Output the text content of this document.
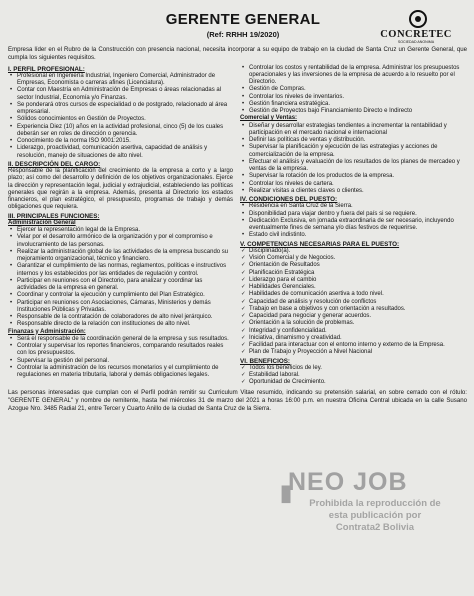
GERENTE GENERAL
(Ref: RRHH 19/2020)	CONCRETEC
SOCIEDAD ANONIMA
Empresa líder en el Rubro de la Construcción con presencia nacional, necesita incorporar a su equipo de trabajo en la ciudad de Santa Cruz un Gerente General, que cumpla los siguientes requisitos.
I. PERFIL PROFESIONAL:
• Profesional en Ingeniería Industrial, Ingeniero Comercial, Administrador de Empresas, Economista o carreras afines (Licenciatura).
• Contar con Maestría en Administración de Empresas o áreas relacionadas al sector Industrial, Economía y/o Finanzas.
• Se ponderará otros cursos de especialidad o de postgrado, relacionado al área empresarial.
• Sólidos conocimientos en Gestión de Proyectos.
• Experiencia Diez (10) años en la actividad profesional, cinco (5) de los cuales deberán ser en roles de dirección o gerencia.
• Conocimiento de la norma ISO 9001:2015.
• Liderazgo, proactividad, comunicación asertiva, capacidad de análisis y resolución, manejo de situaciones de alto nivel.
II. DESCRIPCIÓN DEL CARGO:
Responsable de la planificación del crecimiento de la empresa a corto y a largo plazo; así como del desarrollo y definición de los objetivos organizacionales. Ejerce la dirección y representación legal, judicial y extrajudicial, estableciendo las políticas generales que regirán a la empresa. Además, presenta al Directorio los estados financieros, el plan estratégico, el presupuesto, programas de trabajo y demás obligaciones que requiera.
III. PRINCIPALES FUNCIONES:
Administración General
• Ejercer la representación legal de la Empresa.
• Velar por el desarrollo armónico de la organización y por el compromiso e involucramiento de las personas.
• Realizar la administración global de las actividades de la empresa buscando su mejoramiento organizacional, técnico y financiero.
• Garantizar el cumplimiento de las normas, reglamentos, políticas e instructivos internos y los establecidos por las entidades de regulación y control.
• Participar en reuniones con el Directorio, para analizar y coordinar las actividades de la empresa en general.
• Coordinar y controlar la ejecución y cumplimiento del Plan Estratégico.
• Participar en reuniones con Asociaciones, Cámaras, Ministerios y demás Instituciones Públicas y Privadas.
• Responsable de la contratación de colaboradores de alto nivel jerárquico.
• Responsable directo de la relación con instituciones de alto nivel.
Finanzas y Administración:
• Será el responsable de la coordinación general de la empresa y sus resultados.
• Controlar y supervisar los reportes financieros, comparando resultados reales con los presupuestos.
• Supervisar la gestión del personal.
• Controlar la administración de los recursos monetarios y el cumplimiento de regulaciones en materia tributaria, laboral y demás obligaciones legales.
• Controlar los costos y rentabilidad de la empresa. Administrar los presupuestos operacionales y las inversiones de la empresa de acuerdo a lo resuelto por el Directorio.
• Gestión de Compras.
• Controlar los niveles de inventarios.
• Gestión financiera estratégica.
• Gestión de Proyectos bajo Financiamiento Directo e Indirecto
Comercial y Ventas:
• Diseñar y desarrollar estrategias tendientes a incrementar la rentabilidad y participación en el mercado nacional e internacional
• Definir las políticas de ventas y distribución.
• Supervisar la planificación y ejecución de las estrategias y acciones de comercialización de la empresa.
• Efectuar el análisis y evaluación de los resultados de los planes de mercadeo y ventas de la empresa.
• Supervisar la rotación de los productos de la empresa.
• Controlar los niveles de cartera.
• Realizar visitas a clientes claves o clientes.
IV. CONDICIONES DEL PUESTO:
• Residencia en Santa Cruz de la Sierra.
• Disponibilidad para viajar dentro y fuera del país si se requiere.
• Dedicación Exclusiva, en jornada extraordinaria de ser necesario, incluyendo eventualmente fines de semana y/o días festivos de requerirse.
• Estado civil indistinto.
V. COMPETENCIAS NECESARIAS PARA EL PUESTO:
✓ Disciplinado(a).
✓ Visión Comercial y de Negocios.
✓ Orientación de Resultados
✓ Planificación Estratégica
✓ Liderazgo para el cambio
✓ Habilidades Gerenciales.
✓ Habilidades de comunicación asertiva a todo nivel.
✓ Capacidad de análisis y resolución de conflictos
✓ Trabajo en base a objetivos y con orientación a resultados.
✓ Capacidad para negociar y generar acuerdos.
✓ Orientación a la solución de problemas.
✓ Integridad y confidencialidad.
✓ Iniciativa, dinamismo y creatividad.
✓ Facilidad para interactuar con el entorno interno y externo de la Empresa.
✓ Plan de Trabajo y Proyección a Nivel Nacional
VI. BENEFICIOS:
✓ Todos los beneficios de ley.
✓ Estabilidad laboral.
✓ Oportunidad de Crecimiento.
Las personas interesadas que cumplan con el Perfil podrán remitir su Curriculum Vitae resumido, indicando su pretensión salarial, en sobre cerrado con el rótulo: "GERENTE GENERAL" y nombre de remitente, hasta hel miércoles 31 de marzo del 2021 a horas 16:00 p.m. en nuestra Oficina Central ubicada en la calle Susano Azogue Nro. 3485 Radial 21, entre Tercer y Cuarto Anillo de la ciudad de Santa Cruz de la Sierra.
▮
NEO JOB
Prohibida la reproducción de
esta publicación por
Contrata2 Bolivia
